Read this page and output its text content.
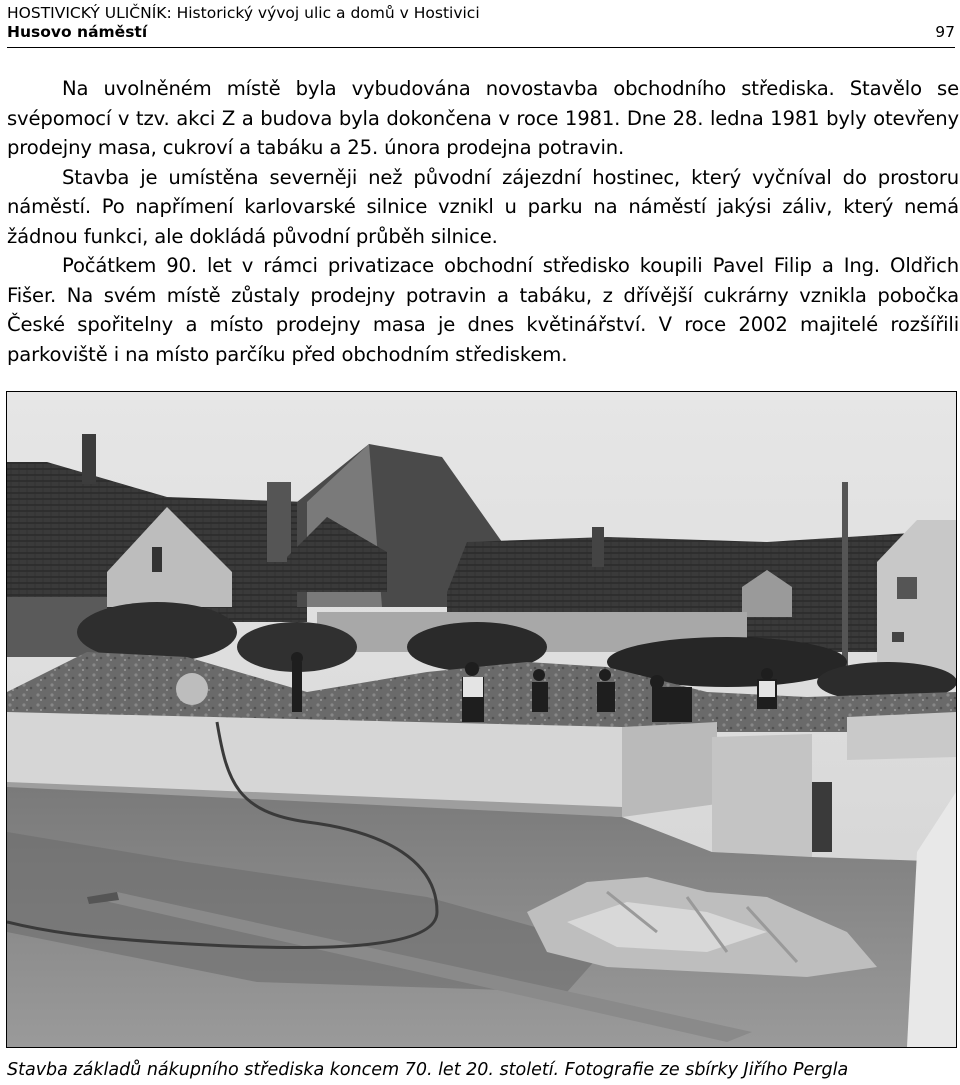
HOSTIVICKÝ ULIČNÍK: Historický vývoj ulic a domů v Hostivici
Husovo náměstí	97

Na uvolněném místě byla vybudována novostavba obchodního střediska. Stavělo se svépomocí v tzv. akci Z a budova byla dokončena v roce 1981. Dne 28. ledna 1981 byly otevřeny prodejny masa, cukroví a tabáku a 25. února prodejna potravin.

Stavba je umístěna severněji než původní zájezdní hostinec, který vyčníval do prostoru náměstí. Po napřímení karlovarské silnice vznikl u parku na náměstí jakýsi záliv, který nemá žádnou funkci, ale dokládá původní průběh silnice.

Počátkem 90. let v rámci privatizace obchodní středisko koupili Pavel Filip a Ing. Oldřich Fišer. Na svém místě zůstaly prodejny potravin a tabáku, z dřívější cukrárny vznikla pobočka České spořitelny a místo prodejny masa je dnes květinářství. V roce 2002 majitelé rozšířili parkoviště i na místo parčíku před obchodním střediskem.

Stavba základů nákupního střediska koncem 70. let 20. století. Fotografie ze sbírky Jiřího Pergla
